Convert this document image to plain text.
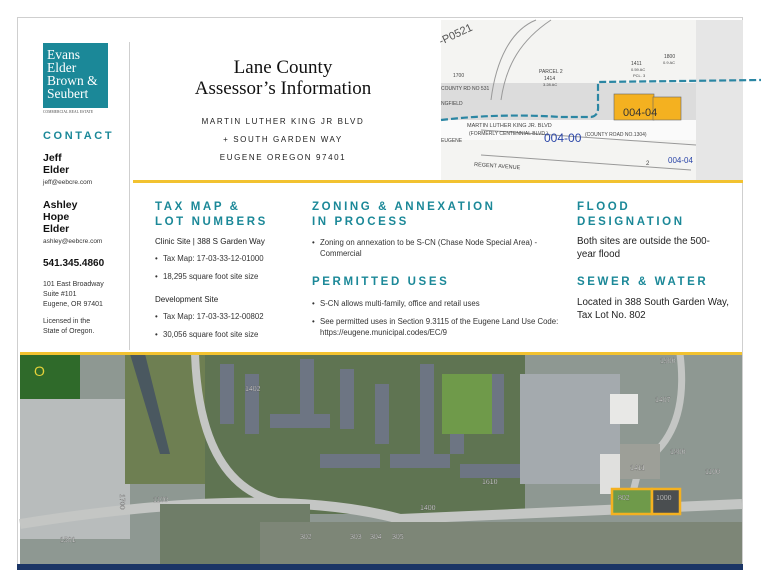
Evans
Elder
Brown &
Seubert
COMMERCIAL REAL ESTATE
CONTACT
Jeff
Elder
jeff@eebcre.com
Ashley
Hope
Elder
ashley@eebcre.com
541.345.4860
101 East Broadway
Suite #101
Eugene, OR 97401
Licensed in the
State of Oregon.
Lane County
Assessor’s Information
MARTIN LUTHER KING JR BLVD
+ SOUTH GARDEN WAY
EUGENE OREGON 97401
-P0521
1700
COUNTY RD NO 531
NGFIELD
PARCEL 2
1414
3.28 AC
1411
0.59 AC
PCL. 3
1800
0.9 AC
004-04
MARTIN LUTHER KING JR. BLVD
(FORMERLY CENTENNIAL BLVD.)
004-00 (COUNTY ROAD NO.1304)
EUGENE
REGENT AVENUE	2 004-04
TAX MAP &
LOT NUMBERS
Clinic Site | 388 S Garden Way
• Tax Map: 17-03-33-12-01000
• 18,295 square foot site size
Development Site
• Tax Map: 17-03-33-12-00802
• 30,056 square foot site size
ZONING & ANNEXATION
IN PROCESS
• Zoning on annexation to be S-CN (Chase Node Special Area) - Commercial
PERMITTED USES
• S-CN allows multi-family, office and retail uses
• See permitted uses in Section 9.3115 of the Eugene Land Use Code: https://eugene.municipal.codes/EC/9
FLOOD
DESIGNATION
Both sites are outside the 500-year flood
SEWER & WATER
Located in 388 South Garden Way, Tax Lot No. 802
O
1402
1100
1700
1501
1400
1610
1900
1407
1800
1411
802	1000
1100
302	303 304 305
